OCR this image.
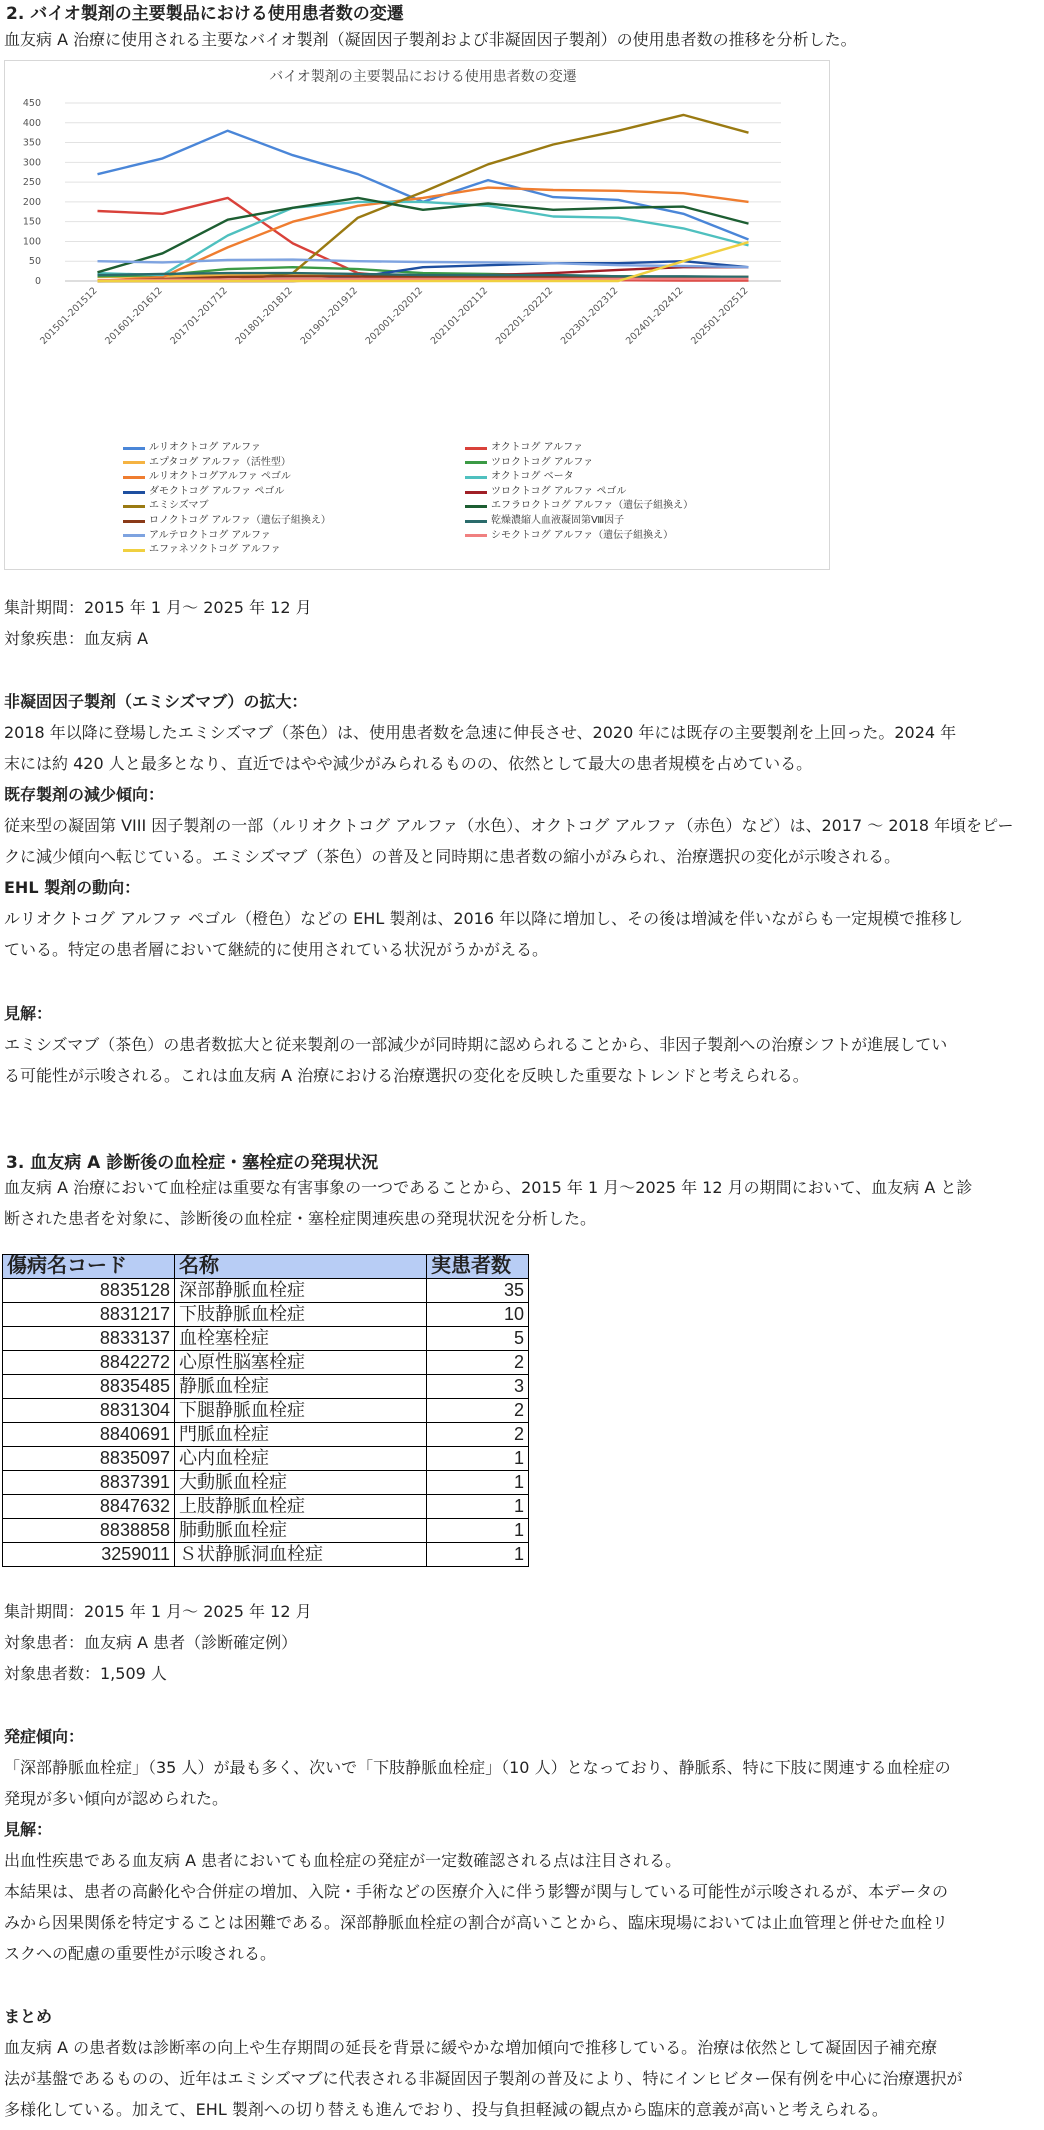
2. バイオ製剤の主要製品における使用患者数の変遷
血友病 A 治療に使用される主要なバイオ製剤（凝固因子製剤および非凝固因子製剤）の使用患者数の推移を分析した。
バイオ製剤の主要製品における使用患者数の変遷
0
50
100
150
200
250
300
350
400
450
201501-201512 201601-201612 201701-201712 201801-201812 201901-201912 202001-202012 202101-202112 202201-202212 202301-202312 202401-202412 202501-202512
ルリオクトコグ アルファ	オクトコグ アルファ
エプタコグ アルファ（活性型）	ツロクトコグ アルファ
ルリオクトコグアルファ ペゴル	オクトコグ ベータ
ダモクトコグ アルファ ペゴル	ツロクトコグ アルファ ペゴル
エミシズマブ	エフラロクトコグ アルファ（遺伝子組換え）
ロノクトコグ アルファ（遺伝子組換え）	乾燥濃縮人血液凝固第Ⅷ因子
アルテロクトコグ アルファ	シモクトコグ アルファ（遺伝子組換え）
エファネソクトコグ アルファ
集計期間：2015 年 1 月～ 2025 年 12 月
対象疾患：血友病 A
非凝固因子製剤（エミシズマブ）の拡大：
2018 年以降に登場したエミシズマブ（茶色）は、使用患者数を急速に伸長させ、2020 年には既存の主要製剤を上回った。2024 年
末には約 420 人と最多となり、直近ではやや減少がみられるものの、依然として最大の患者規模を占めている。
既存製剤の減少傾向：
従来型の凝固第 VIII 因子製剤の一部（ルリオクトコグ アルファ（水色）、オクトコグ アルファ（赤色）など）は、2017 ～ 2018 年頃をピー
クに減少傾向へ転じている。エミシズマブ（茶色）の普及と同時期に患者数の縮小がみられ、治療選択の変化が示唆される。
EHL 製剤の動向：
ルリオクトコグ アルファ ペゴル（橙色）などの EHL 製剤は、2016 年以降に増加し、その後は増減を伴いながらも一定規模で推移し
ている。特定の患者層において継続的に使用されている状況がうかがえる。
見解：
エミシズマブ（茶色）の患者数拡大と従来製剤の一部減少が同時期に認められることから、非因子製剤への治療シフトが進展してい
る可能性が示唆される。これは血友病 A 治療における治療選択の変化を反映した重要なトレンドと考えられる。
3. 血友病 A 診断後の血栓症・塞栓症の発現状況
血友病 A 治療において血栓症は重要な有害事象の一つであることから、2015 年 1 月～2025 年 12 月の期間において、血友病 A と診
断された患者を対象に、診断後の血栓症・塞栓症関連疾患の発現状況を分析した。
傷病名コード	名称	実患者数
8835128	深部静脈血栓症	35
8831217	下肢静脈血栓症	10
8833137	血栓塞栓症	5
8842272	心原性脳塞栓症	2
8835485	静脈血栓症	3
8831304	下腿静脈血栓症	2
8840691	門脈血栓症	2
8835097	心内血栓症	1
8837391	大動脈血栓症	1
8847632	上肢静脈血栓症	1
8838858	肺動脈血栓症	1
3259011	Ｓ状静脈洞血栓症	1
集計期間：2015 年 1 月～ 2025 年 12 月
対象患者：血友病 A 患者（診断確定例）
対象患者数：1,509 人
発症傾向：
「深部静脈血栓症」（35 人）が最も多く、次いで「下肢静脈血栓症」（10 人）となっており、静脈系、特に下肢に関連する血栓症の
発現が多い傾向が認められた。
見解：
出血性疾患である血友病 A 患者においても血栓症の発症が一定数確認される点は注目される。
本結果は、患者の高齢化や合併症の増加、入院・手術などの医療介入に伴う影響が関与している可能性が示唆されるが、本データの
みから因果関係を特定することは困難である。深部静脈血栓症の割合が高いことから、臨床現場においては止血管理と併せた血栓リ
スクへの配慮の重要性が示唆される。
まとめ
血友病 A の患者数は診断率の向上や生存期間の延長を背景に緩やかな増加傾向で推移している。治療は依然として凝固因子補充療
法が基盤であるものの、近年はエミシズマブに代表される非凝固因子製剤の普及により、特にインヒビター保有例を中心に治療選択が
多様化している。加えて、EHL 製剤への切り替えも進んでおり、投与負担軽減の観点から臨床的意義が高いと考えられる。
